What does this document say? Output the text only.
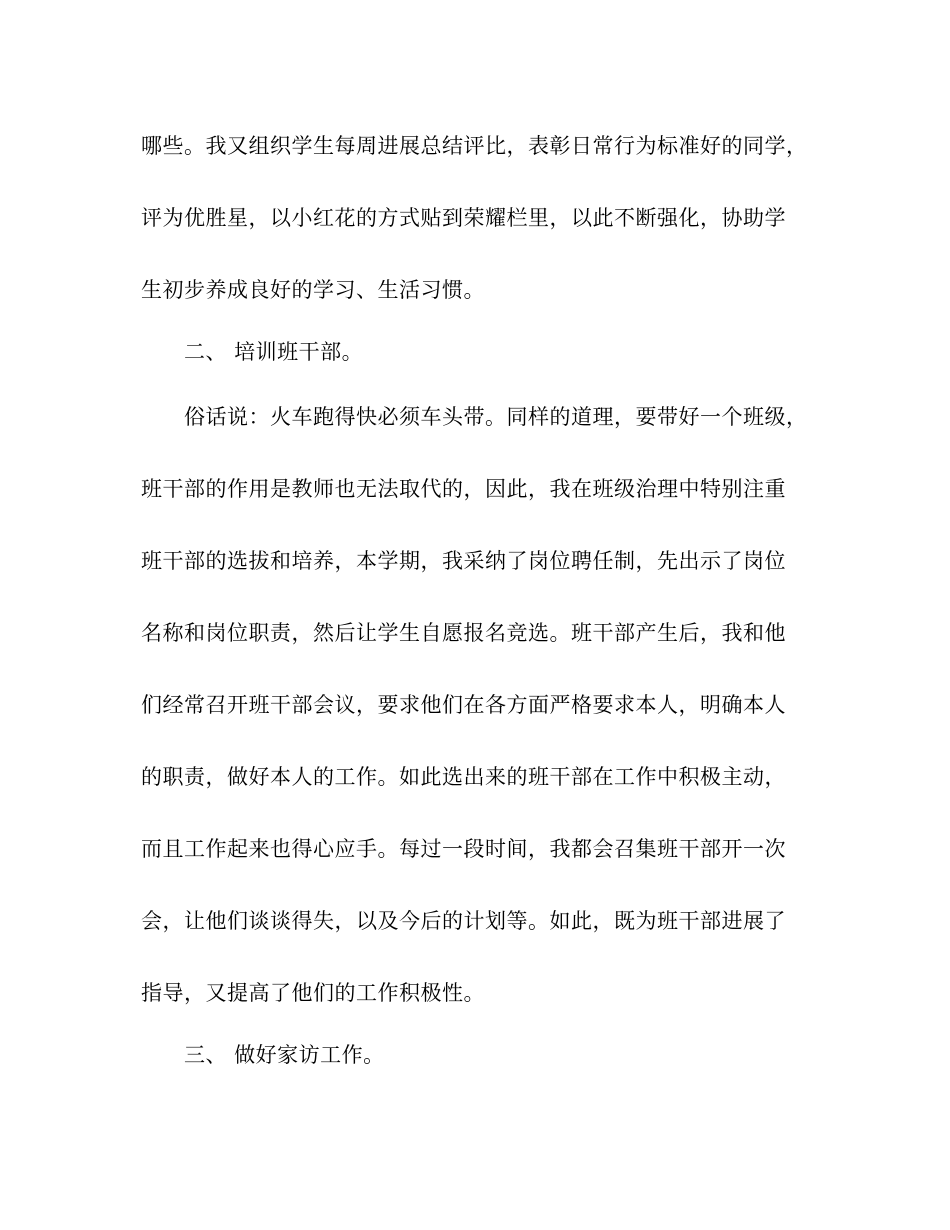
哪些。我又组织学生每周进展总结评比，表彰日常行为标准好的同学，
评为优胜星，以小红花的方式贴到荣耀栏里，以此不断强化，协助学
生初步养成良好的学习、生活习惯。
二、 培训班干部。
俗话说：火车跑得快必须车头带。同样的道理，要带好一个班级，
班干部的作用是教师也无法取代的，因此，我在班级治理中特别注重
班干部的选拔和培养，本学期，我采纳了岗位聘任制，先出示了岗位
名称和岗位职责，然后让学生自愿报名竞选。班干部产生后，我和他
们经常召开班干部会议，要求他们在各方面严格要求本人，明确本人
的职责，做好本人的工作。如此选出来的班干部在工作中积极主动，
而且工作起来也得心应手。每过一段时间，我都会召集班干部开一次
会，让他们谈谈得失，以及今后的计划等。如此，既为班干部进展了
指导，又提高了他们的工作积极性。
三、 做好家访工作。
